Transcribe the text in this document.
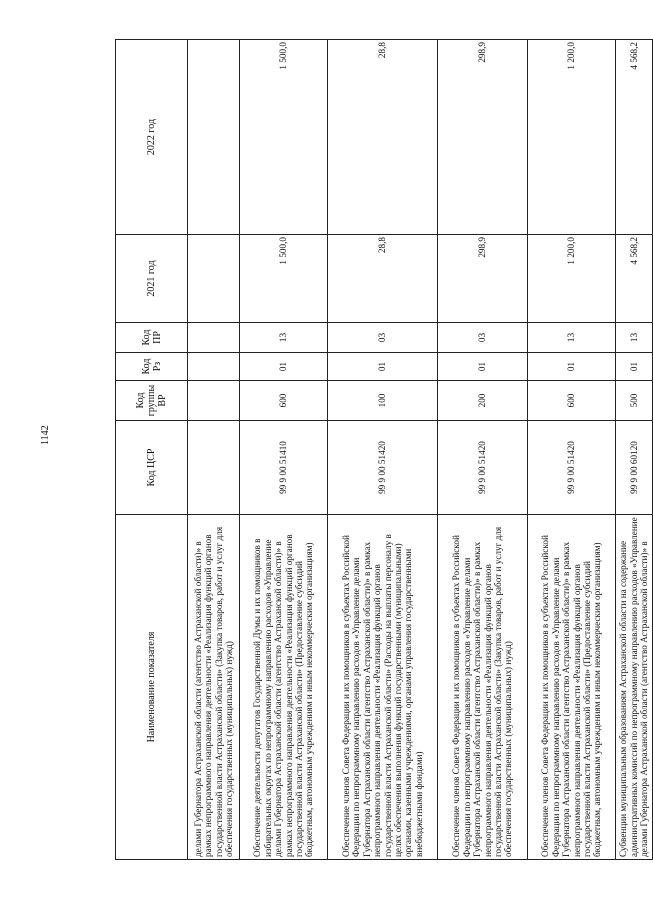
1142
Наименование показателя	Код ЦСР	Код группы ВР	Код Рз	Код ПР	2021 год	2022 год
делами Губернатора Астраханской области (агентство Астраханской области)» в рамках непрограммного направления деятельности «Реализация функций органов государственной власти Астраханской области» (Закупка товаров, работ и услуг для обеспечения государственных (муниципальных) нужд)						
Обеспечение деятельности депутатов Государственной Думы и их помощников в избирательных округах по непрограммному направлению расходов «Управление делами Губернатора Астраханской области (агентство Астраханской области)» в рамках непрограммного направления деятельности «Реализация функций органов государственной власти Астраханской области» (Предоставление субсидий бюджетным, автономным учреждениям и иным некоммерческим организациям)	99 9 00 51410	600	01	13	1 500,0	1 500,0
Обеспечение членов Совета Федерации и их помощников в субъектах Российской Федерации по непрограммному направлению расходов «Управление делами Губернатора Астраханской области (агентство Астраханской области)» в рамках непрограммного направления деятельности «Реализация функций органов государственной власти Астраханской области» (Расходы на выплаты персоналу в целях обеспечения выполнения функций государственными (муниципальными) органами, казенными учреждениями, органами управления государственными внебюджетными фондами)	99 9 00 51420	100	01	03	28,8	28,8
Обеспечение членов Совета Федерации и их помощников в субъектах Российской Федерации по непрограммному направлению расходов «Управление делами Губернатора Астраханской области (агентство Астраханской области)» в рамках непрограммного направления деятельности «Реализация функций органов государственной власти Астраханской области» (Закупка товаров, работ и услуг для обеспечения государственных (муниципальных) нужд)	99 9 00 51420	200	01	03	298,9	298,9
Обеспечение членов Совета Федерации и их помощников в субъектах Российской Федерации по непрограммному направлению расходов «Управление делами Губернатора Астраханской области (агентство Астраханской области)» в рамках непрограммного направления деятельности «Реализация функций органов государственной власти Астраханской области» (Предоставление субсидий бюджетным, автономным учреждениям и иным некоммерческим организациям)	99 9 00 51420	600	01	13	1 200,0	1 200,0
Субвенции муниципальным образованиям Астраханской области на содержание административных комиссий по непрограммному направлению расходов «Управление делами Губернатора Астраханской области (агентство Астраханской области)» в	99 9 00 60120	500	01	13	4 568,2	4 568,2
